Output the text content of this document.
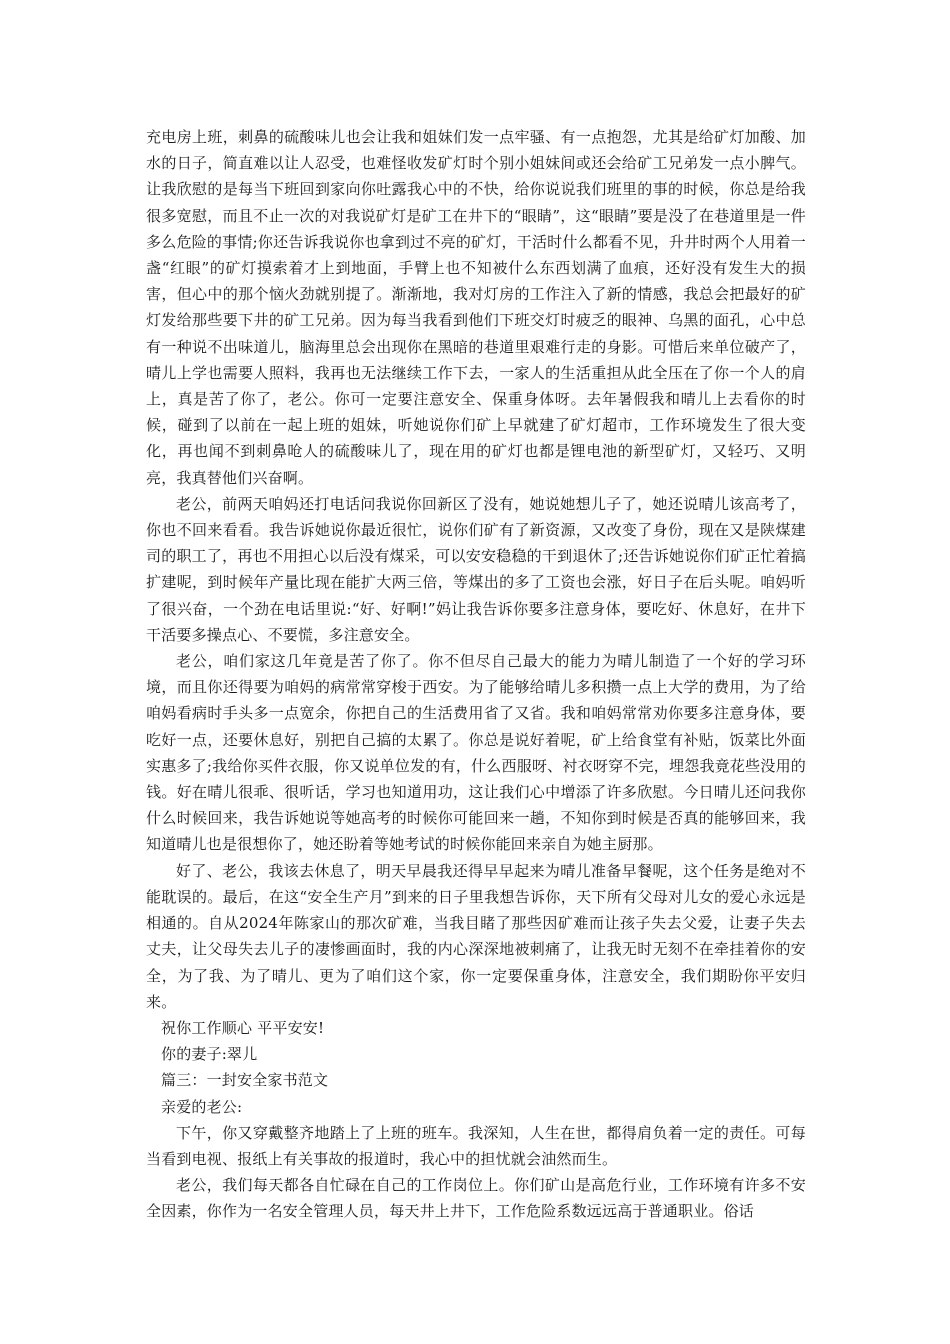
充电房上班，刺鼻的硫酸味儿也会让我和姐妹们发一点牢骚、有一点抱怨，尤其是给矿灯加酸、加水的日子，简直难以让人忍受，也难怪收发矿灯时个别小姐妹间或还会给矿工兄弟发一点小脾气。让我欣慰的是每当下班回到家向你吐露我心中的不快，给你说说我们班里的事的时候，你总是给我很多宽慰，而且不止一次的对我说矿灯是矿工在井下的“眼睛”，这“眼睛”要是没了在巷道里是一件多么危险的事情;你还告诉我说你也拿到过不亮的矿灯，干活时什么都看不见，升井时两个人用着一盏“红眼”的矿灯摸索着才上到地面，手臂上也不知被什么东西划满了血痕，还好没有发生大的损害，但心中的那个恼火劲就别提了。渐渐地，我对灯房的工作注入了新的情感，我总会把最好的矿灯发给那些要下井的矿工兄弟。因为每当我看到他们下班交灯时疲乏的眼神、乌黑的面孔，心中总有一种说不出味道儿，脑海里总会出现你在黑暗的巷道里艰难行走的身影。可惜后来单位破产了，晴儿上学也需要人照料，我再也无法继续工作下去，一家人的生活重担从此全压在了你一个人的肩上，真是苦了你了，老公。你可一定要注意安全、保重身体呀。去年暑假我和晴儿上去看你的时候，碰到了以前在一起上班的姐妹，听她说你们矿上早就建了矿灯超市，工作环境发生了很大变化，再也闻不到刺鼻呛人的硫酸味儿了，现在用的矿灯也都是锂电池的新型矿灯，又轻巧、又明亮，我真替他们兴奋啊。

老公，前两天咱妈还打电话问我说你回新区了没有，她说她想儿子了，她还说晴儿该高考了，你也不回来看看。我告诉她说你最近很忙，说你们矿有了新资源，又改变了身份，现在又是陕煤建司的职工了，再也不用担心以后没有煤采，可以安安稳稳的干到退休了;还告诉她说你们矿正忙着搞扩建呢，到时候年产量比现在能扩大两三倍，等煤出的多了工资也会涨，好日子在后头呢。咱妈听了很兴奋，一个劲在电话里说:“好、好啊!”妈让我告诉你要多注意身体，要吃好、休息好，在井下干活要多操点心、不要慌，多注意安全。

老公，咱们家这几年竟是苦了你了。你不但尽自己最大的能力为晴儿制造了一个好的学习环境，而且你还得要为咱妈的病常常穿梭于西安。为了能够给晴儿多积攒一点上大学的费用，为了给咱妈看病时手头多一点宽余，你把自己的生活费用省了又省。我和咱妈常常劝你要多注意身体，要吃好一点，还要休息好，别把自己搞的太累了。你总是说好着呢，矿上给食堂有补贴，饭菜比外面实惠多了;我给你买件衣服，你又说单位发的有，什么西服呀、衬衣呀穿不完，埋怨我竟花些没用的钱。好在晴儿很乖、很听话，学习也知道用功，这让我们心中增添了许多欣慰。今日晴儿还问我你什么时候回来，我告诉她说等她高考的时候你可能回来一趟，不知你到时候是否真的能够回来，我知道晴儿也是很想你了，她还盼着等她考试的时候你能回来亲自为她主厨那。

好了、老公，我该去休息了，明天早晨我还得早早起来为晴儿准备早餐呢，这个任务是绝对不能耽误的。最后，在这“安全生产月”到来的日子里我想告诉你，天下所有父母对儿女的爱心永远是相通的。自从2024年陈家山的那次矿难，当我目睹了那些因矿难而让孩子失去父爱，让妻子失去丈夫，让父母失去儿子的凄惨画面时，我的内心深深地被刺痛了，让我无时无刻不在牵挂着你的安全，为了我、为了晴儿、更为了咱们这个家，你一定要保重身体，注意安全，我们期盼你平安归来。

祝你工作顺心 平平安安!

你的妻子:翠儿

篇三：一封安全家书范文

亲爱的老公:

下午，你又穿戴整齐地踏上了上班的班车。我深知，人生在世，都得肩负着一定的责任。可每当看到电视、报纸上有关事故的报道时，我心中的担忧就会油然而生。

老公，我们每天都各自忙碌在自己的工作岗位上。你们矿山是高危行业，工作环境有许多不安全因素，你作为一名安全管理人员，每天井上井下，工作危险系数远远高于普通职业。俗话
